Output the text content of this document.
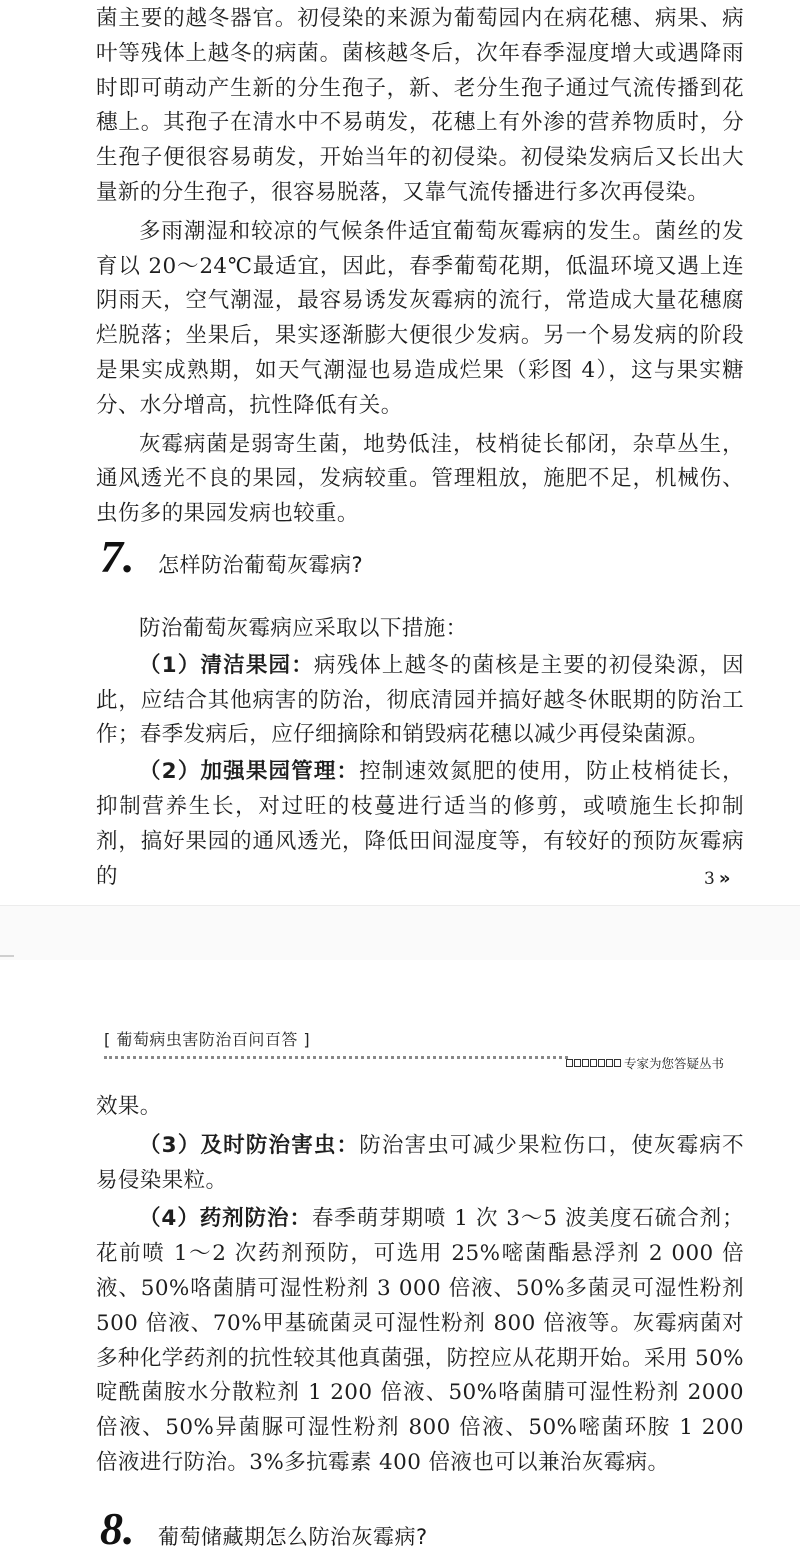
菌主要的越冬器官。初侵染的来源为葡萄园内在病花穗、病果、病叶等残体上越冬的病菌。菌核越冬后，次年春季湿度增大或遇降雨时即可萌动产生新的分生孢子，新、老分生孢子通过气流传播到花穗上。其孢子在清水中不易萌发，花穗上有外渗的营养物质时，分生孢子便很容易萌发，开始当年的初侵染。初侵染发病后又长出大量新的分生孢子，很容易脱落，又靠气流传播进行多次再侵染。

多雨潮湿和较凉的气候条件适宜葡萄灰霉病的发生。菌丝的发育以 20～24℃最适宜，因此，春季葡萄花期，低温环境又遇上连阴雨天，空气潮湿，最容易诱发灰霉病的流行，常造成大量花穗腐烂脱落；坐果后，果实逐渐膨大便很少发病。另一个易发病的阶段是果实成熟期，如天气潮湿也易造成烂果（彩图 4），这与果实糖分、水分增高，抗性降低有关。

灰霉病菌是弱寄生菌，地势低洼，枝梢徒长郁闭，杂草丛生，通风透光不良的果园，发病较重。管理粗放，施肥不足，机械伤、虫伤多的果园发病也较重。

7.	怎样防治葡萄灰霉病?

防治葡萄灰霉病应采取以下措施：

（1）清洁果园：病残体上越冬的菌核是主要的初侵染源，因此，应结合其他病害的防治，彻底清园并搞好越冬休眠期的防治工作；春季发病后，应仔细摘除和销毁病花穗以减少再侵染菌源。

（2）加强果园管理：控制速效氮肥的使用，防止枝梢徒长，抑制营养生长，对过旺的枝蔓进行适当的修剪，或喷施生长抑制剂，搞好果园的通风透光，降低田间湿度等，有较好的预防灰霉病的	3 »
[ 葡萄病虫害防治百问百答 ]
专家为您答疑丛书

效果。

（3）及时防治害虫：防治害虫可减少果粒伤口，使灰霉病不易侵染果粒。

（4）药剂防治：春季萌芽期喷 1 次 3～5 波美度石硫合剂；花前喷 1～2 次药剂预防，可选用 25%嘧菌酯悬浮剂 2 000 倍液、50%咯菌腈可湿性粉剂 3 000 倍液、50%多菌灵可湿性粉剂 500 倍液、70%甲基硫菌灵可湿性粉剂 800 倍液等。灰霉病菌对多种化学药剂的抗性较其他真菌强，防控应从花期开始。采用 50%啶酰菌胺水分散粒剂 1 200 倍液、50%咯菌腈可湿性粉剂 2000 倍液、50%异菌脲可湿性粉剂 800 倍液、50%嘧菌环胺 1 200 倍液进行防治。3%多抗霉素 400 倍液也可以兼治灰霉病。

8.	葡萄储藏期怎么防治灰霉病?
